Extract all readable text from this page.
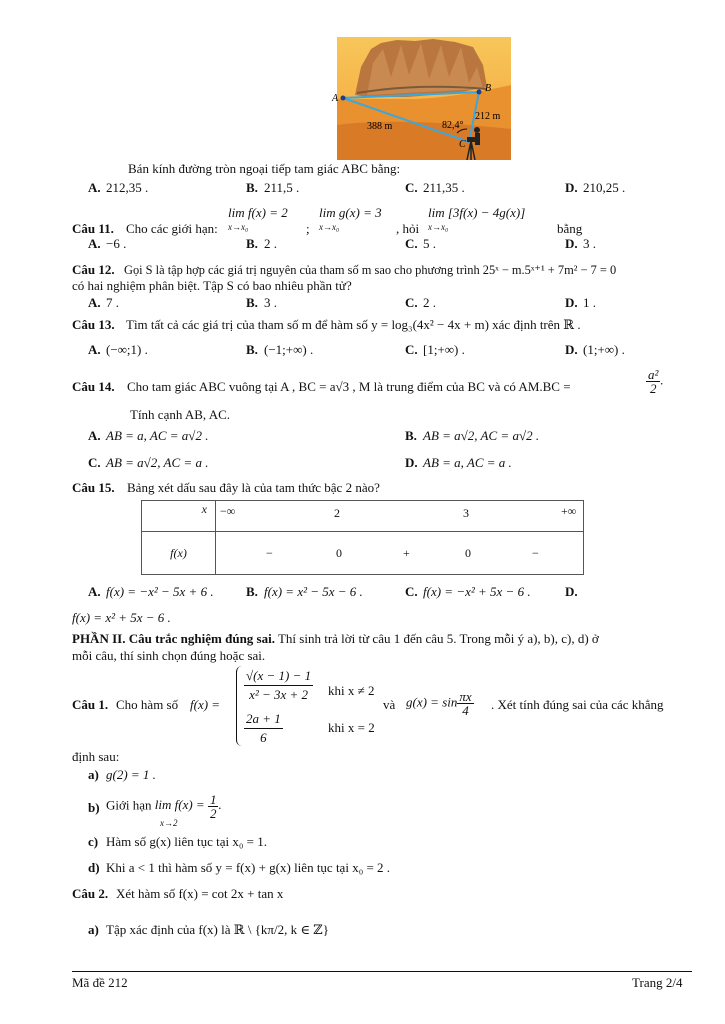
A
B
C
388 m
212 m
82,4°
Bán kính đường tròn ngoại tiếp tam giác ABC bằng:
A. 212,35 .	B. 211,5 .	C. 211,35 .	D. 210,25 .
Câu 11. Cho các giới hạn:
lim f(x) = 2
x→x₀	;
lim g(x) = 3
x→x₀	, hỏi
lim [3f(x) − 4g(x)]
x→x₀	bằng
A. −6 .	B. 2 .	C. 5 .	D. 3 .
Câu 12. Gọi S là tập hợp các giá trị nguyên của tham số m sao cho phương trình 25ˣ − m.5ˣ⁺¹ + 7m² − 7 = 0
có hai nghiệm phân biệt. Tập S có bao nhiêu phần tử?
A. 7 .	B. 3 .	C. 2 .	D. 1 .
Câu 13. Tìm tất cả các giá trị của tham số m để hàm số y = log₃(4x² − 4x + m) xác định trên ℝ .
A. (−∞;1) .	B. (−1;+∞) .	C. [1;+∞) .	D. (1;+∞) .
Câu 14. Cho tam giác ABC vuông tại A , BC = a√3 , M là trung điểm của BC và có AM.BC =	$\frac{\text{a²}}{2}$ .
Tính cạnh AB, AC.
A. AB = a, AC = a√2 .	B. AB = a√2, AC = a√2 .
C. AB = a√2, AC = a .	D. AB = a, AC = a .
Câu 15. Bảng xét dấu sau đây là của tam thức bậc 2 nào?
x	−∞ 2 3 +∞

f(x)	− 0 + 0 −
A. f(x) = −x² − 5x + 6 . B. f(x) = x² − 5x − 6 .	C. f(x) = −x² + 5x − 6 .	D.
f(x) = x² + 5x − 6 .
PHẦN II. Câu trắc nghiệm đúng sai. Thí sinh trả lời từ câu 1 đến câu 5. Trong mỗi ý a), b), c), d) ở
mỗi câu, thí sinh chọn đúng hoặc sai.
Câu 1. Cho hàm số f(x) =
$\frac{√(x - 1) - 1}{\text{x² − 3x + 2}}$ khi x ≠ 2
$\frac{2a + 1}{6}$	khi x = 2
và $g(x) = \sin \frac{\pi x}{4}$ . Xét tính đúng sai của các khẳng
định sau:
a) g(2) = 1 .
b) Giới hạn $\lim f(x) = \frac{1}{2}$ .
x→2
c) Hàm số g(x) liên tục tại x₀ = 1.
d) Khi a < 1 thì hàm số y = f(x) + g(x) liên tục tại x₀ = 2 .
Câu 2. Xét hàm số f(x) = cot 2x + tan x
a) Tập xác định của f(x) là ℝ \ {kπ/2, k ∈ ℤ}
Mã đề 212	Trang 2/4
